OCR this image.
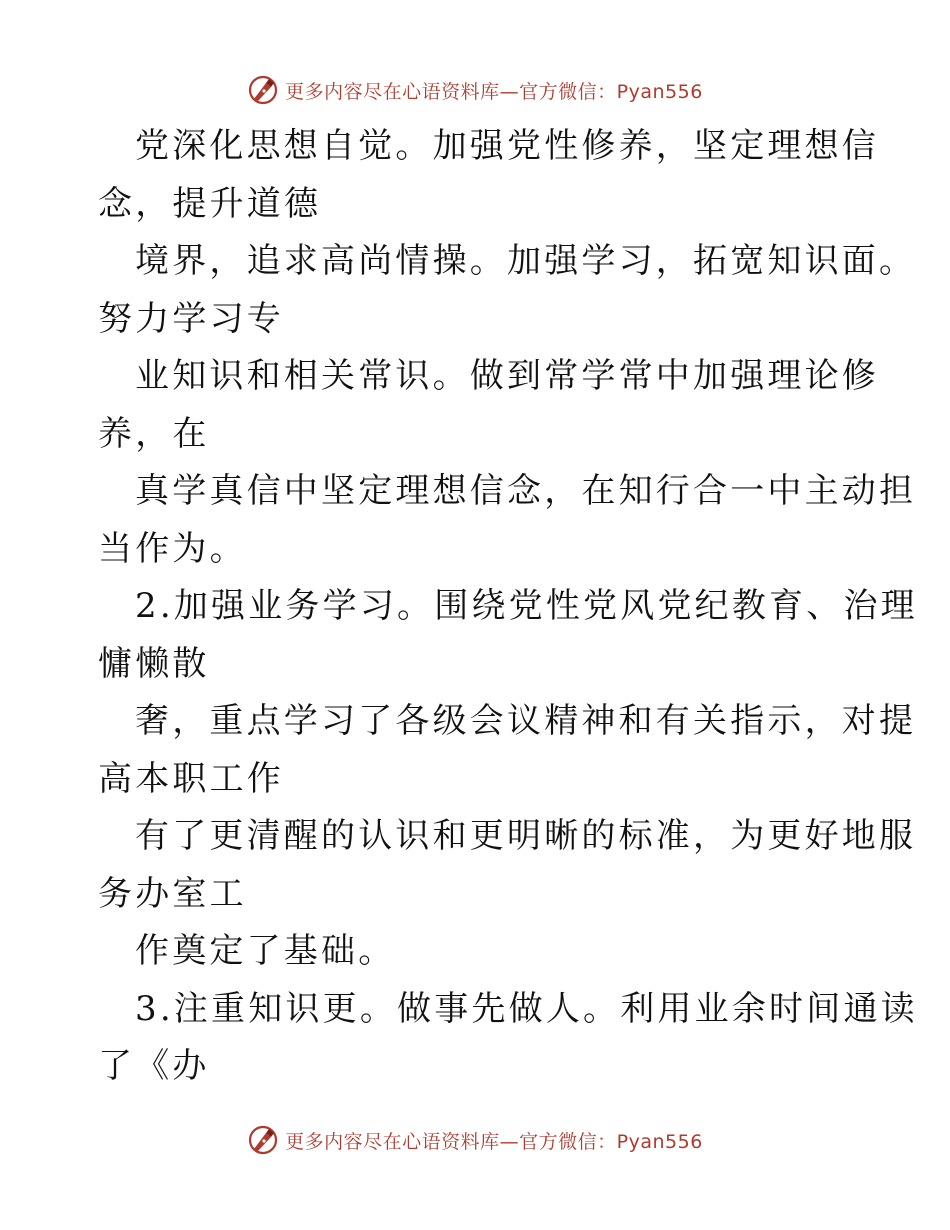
更多内容尽在心语资料库—官方微信：Pyan556
党深化思想自觉。加强党性修养，坚定理想信
念，提升道德
境界，追求高尚情操。加强学习，拓宽知识面。
努力学习专
业知识和相关常识。做到常学常中加强理论修
养，在
真学真信中坚定理想信念，在知行合一中主动担
当作为。
2.加强业务学习。围绕党性党风党纪教育、治理
慵懒散
奢，重点学习了各级会议精神和有关指示，对提
高本职工作
有了更清醒的认识和更明晰的标准，为更好地服
务办室工
作奠定了基础。
3.注重知识更。做事先做人。利用业余时间通读
了《办
更多内容尽在心语资料库—官方微信：Pyan556
